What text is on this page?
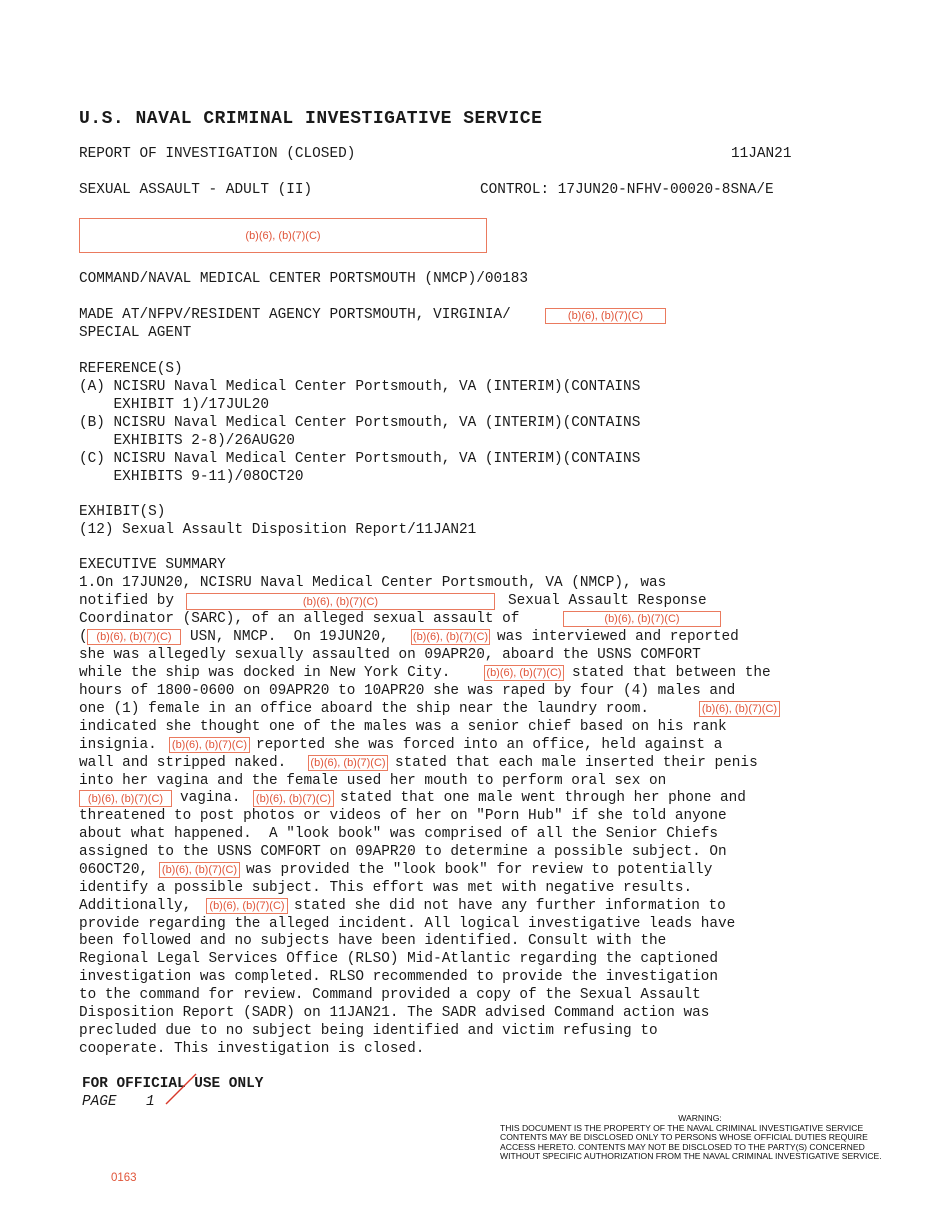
U.S. NAVAL CRIMINAL INVESTIGATIVE SERVICE
REPORT OF INVESTIGATION (CLOSED)	11JAN21
SEXUAL ASSAULT - ADULT (II)	CONTROL: 17JUN20-NFHV-00020-8SNA/E
(b)(6), (b)(7)(C)
COMMAND/NAVAL MEDICAL CENTER PORTSMOUTH (NMCP)/00183
MADE AT/NFPV/RESIDENT AGENCY PORTSMOUTH, VIRGINIA/	(b)(6), (b)(7)(C)
SPECIAL AGENT
REFERENCE(S)
(A) NCISRU Naval Medical Center Portsmouth, VA (INTERIM)(CONTAINS
EXHIBIT 1)/17JUL20
(B) NCISRU Naval Medical Center Portsmouth, VA (INTERIM)(CONTAINS
EXHIBITS 2-8)/26AUG20
(C) NCISRU Naval Medical Center Portsmouth, VA (INTERIM)(CONTAINS
EXHIBITS 9-11)/08OCT20
EXHIBIT(S)
(12) Sexual Assault Disposition Report/11JAN21
EXECUTIVE SUMMARY
1.On 17JUN20, NCISRU Naval Medical Center Portsmouth, VA (NMCP), was
notified by	(b)(6), (b)(7)(C)	Sexual Assault Response
Coordinator (SARC), of an alleged sexual assault of	(b)(6), (b)(7)(C)
( (b)(6), (b)(7)(C)	USN, NMCP.  On 19JUN20, (b)(6), (b)(7)(C) was interviewed and reported
she was allegedly sexually assaulted on 09APR20, aboard the USNS COMFORT
while the ship was docked in New York City.	(b)(6), (b)(7)(C) stated that between the
hours of 1800-0600 on 09APR20 to 10APR20 she was raped by four (4) males and
one (1) female in an office aboard the ship near the laundry room.	(b)(6), (b)(7)(C)
indicated she thought one of the males was a senior chief based on his rank
insignia. (b)(6), (b)(7)(C) reported she was forced into an office, held against a
wall and stripped naked. (b)(6), (b)(7)(C) stated that each male inserted their penis
into her vagina and the female used her mouth to perform oral sex on
(b)(6), (b)(7)(C)	vagina. (b)(6), (b)(7)(C) stated that one male went through her phone and
threatened to post photos or videos of her on "Porn Hub" if she told anyone
about what happened.  A "look book" was comprised of all the Senior Chiefs
assigned to the USNS COMFORT on 09APR20 to determine a possible subject. On
06OCT20, (b)(6), (b)(7)(C) was provided the "look book" for review to potentially
identify a possible subject. This effort was met with negative results.
Additionally, (b)(6), (b)(7)(C) stated she did not have any further information to
provide regarding the alleged incident. All logical investigative leads have
been followed and no subjects have been identified. Consult with the
Regional Legal Services Office (RLSO) Mid-Atlantic regarding the captioned
investigation was completed. RLSO recommended to provide the investigation
to the command for review. Command provided a copy of the Sexual Assault
Disposition Report (SADR) on 11JAN21. The SADR advised Command action was
precluded due to no subject being identified and victim refusing to
cooperate. This investigation is closed.
FOR OFFICIAL USE ONLY
PAGE 1
WARNING:
THIS DOCUMENT IS THE PROPERTY OF THE NAVAL CRIMINAL INVESTIGATIVE SERVICE
CONTENTS MAY BE DISCLOSED ONLY TO PERSONS WHOSE OFFICIAL DUTIES REQUIRE
ACCESS HERETO. CONTENTS MAY NOT BE DISCLOSED TO THE PARTY(S) CONCERNED
WITHOUT SPECIFIC AUTHORIZATION FROM THE NAVAL CRIMINAL INVESTIGATIVE SERVICE.
0163
